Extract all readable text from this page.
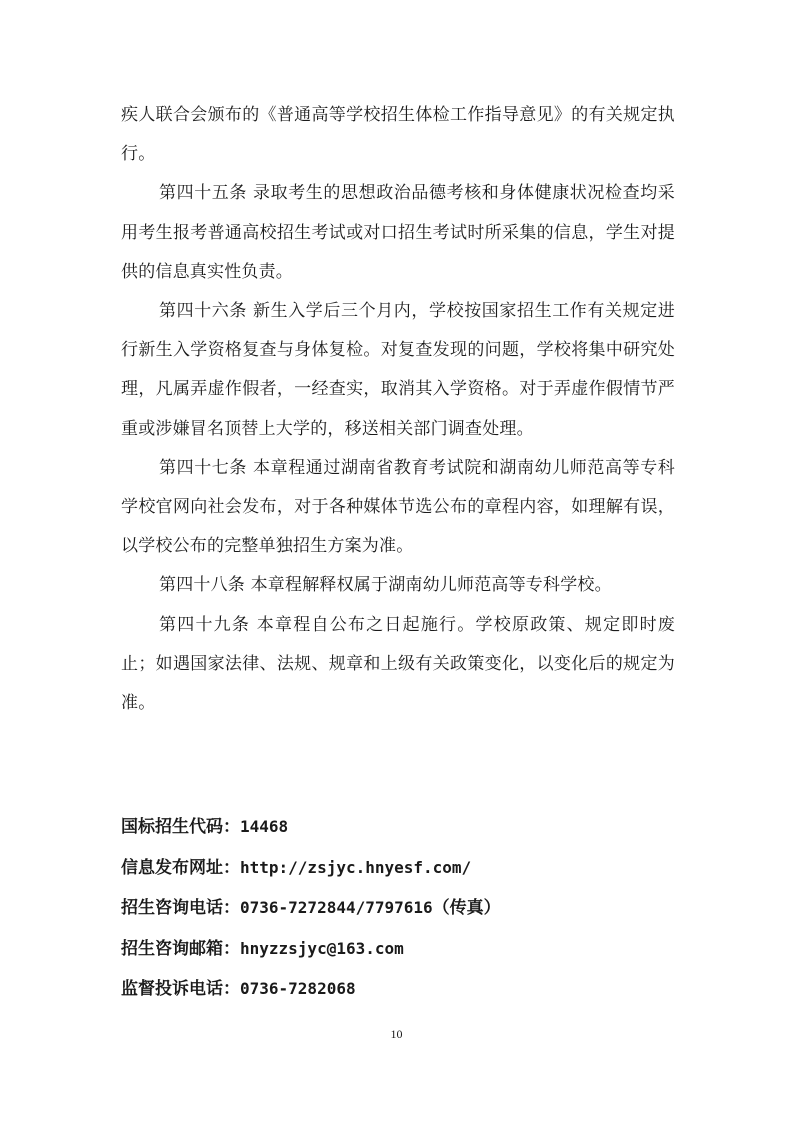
疾人联合会颁布的《普通高等学校招生体检工作指导意见》的有关规定执行。

第四十五条 录取考生的思想政治品德考核和身体健康状况检查均采用考生报考普通高校招生考试或对口招生考试时所采集的信息，学生对提供的信息真实性负责。

第四十六条 新生入学后三个月内，学校按国家招生工作有关规定进行新生入学资格复查与身体复检。对复查发现的问题，学校将集中研究处理，凡属弄虚作假者，一经查实，取消其入学资格。对于弄虚作假情节严重或涉嫌冒名顶替上大学的，移送相关部门调查处理。

第四十七条 本章程通过湖南省教育考试院和湖南幼儿师范高等专科学校官网向社会发布，对于各种媒体节选公布的章程内容，如理解有误，以学校公布的完整单独招生方案为准。

第四十八条 本章程解释权属于湖南幼儿师范高等专科学校。

第四十九条 本章程自公布之日起施行。学校原政策、规定即时废止；如遇国家法律、法规、规章和上级有关政策变化，以变化后的规定为准。

国标招生代码：14468
信息发布网址：http://zsjyc.hnyesf.com/
招生咨询电话：0736-7272844/7797616（传真）
招生咨询邮箱：hnyzzsjyc@163.com
监督投诉电话：0736-7282068
10
